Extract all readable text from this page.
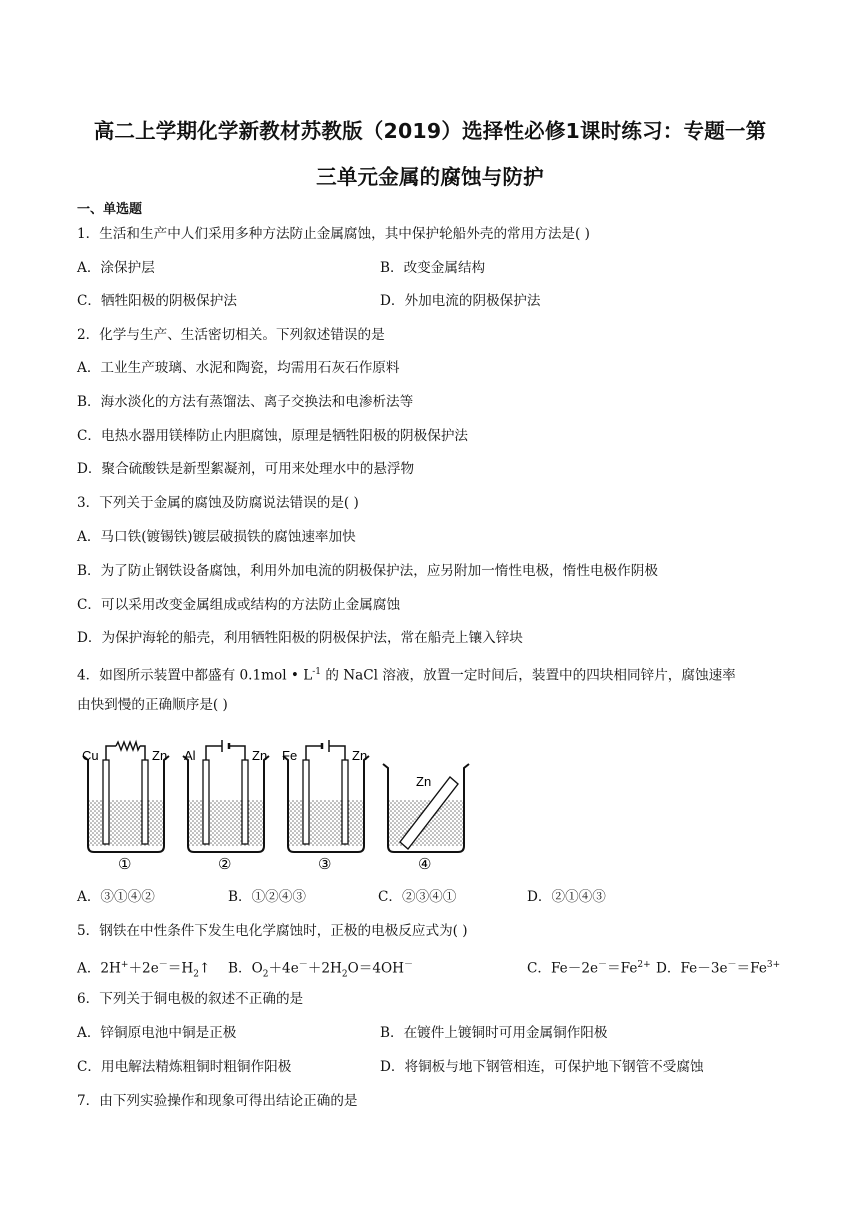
高二上学期化学新教材苏教版（2019）选择性必修1课时练习：专题一第
三单元金属的腐蚀与防护
一、单选题
1．生活和生产中人们采用多种方法防止金属腐蚀，其中保护轮船外壳的常用方法是( )
A．涂保护层	B．改变金属结构
C．牺牲阳极的阴极保护法	D．外加电流的阴极保护法
2．化学与生产、生活密切相关。下列叙述错误的是
A．工业生产玻璃、水泥和陶瓷，均需用石灰石作原料
B．海水淡化的方法有蒸馏法、离子交换法和电渗析法等
C．电热水器用镁棒防止内胆腐蚀，原理是牺牲阳极的阴极保护法
D．聚合硫酸铁是新型絮凝剂，可用来处理水中的悬浮物
3．下列关于金属的腐蚀及防腐说法错误的是( )
A．马口铁(镀锡铁)镀层破损铁的腐蚀速率加快
B．为了防止钢铁设备腐蚀，利用外加电流的阴极保护法，应另附加一惰性电极，惰性电极作阴极
C．可以采用改变金属组成或结构的方法防止金属腐蚀
D．为保护海轮的船壳，利用牺牲阳极的阴极保护法，常在船壳上镶入锌块
4．如图所示装置中都盛有 0.1mol • $L^{-1}$ 的 NaCl 溶液，放置一定时间后，装置中的四块相同锌片，腐蚀速率
由快到慢的正确顺序是( )
Cu	Zn
①
Al	Zn
②
Fe	Zn
③
Zn
④
A．③①④②	B．①②④③	C．②③④①	D．②①④③
5．钢铁在中性条件下发生电化学腐蚀时，正极的电极反应式为( )
A．$2H^++2e^-=H_2↑$ B．$O_2+4e^-+2H_2O=4OH^-$	C．$Fe-2e^-=Fe^{2+}$ D．$Fe-3e^-=Fe^{3+}$
6．下列关于铜电极的叙述不正确的是
A．锌铜原电池中铜是正极	B．在镀件上镀铜时可用金属铜作阳极
C．用电解法精炼粗铜时粗铜作阳极	D．将铜板与地下钢管相连，可保护地下钢管不受腐蚀
7．由下列实验操作和现象可得出结论正确的是
